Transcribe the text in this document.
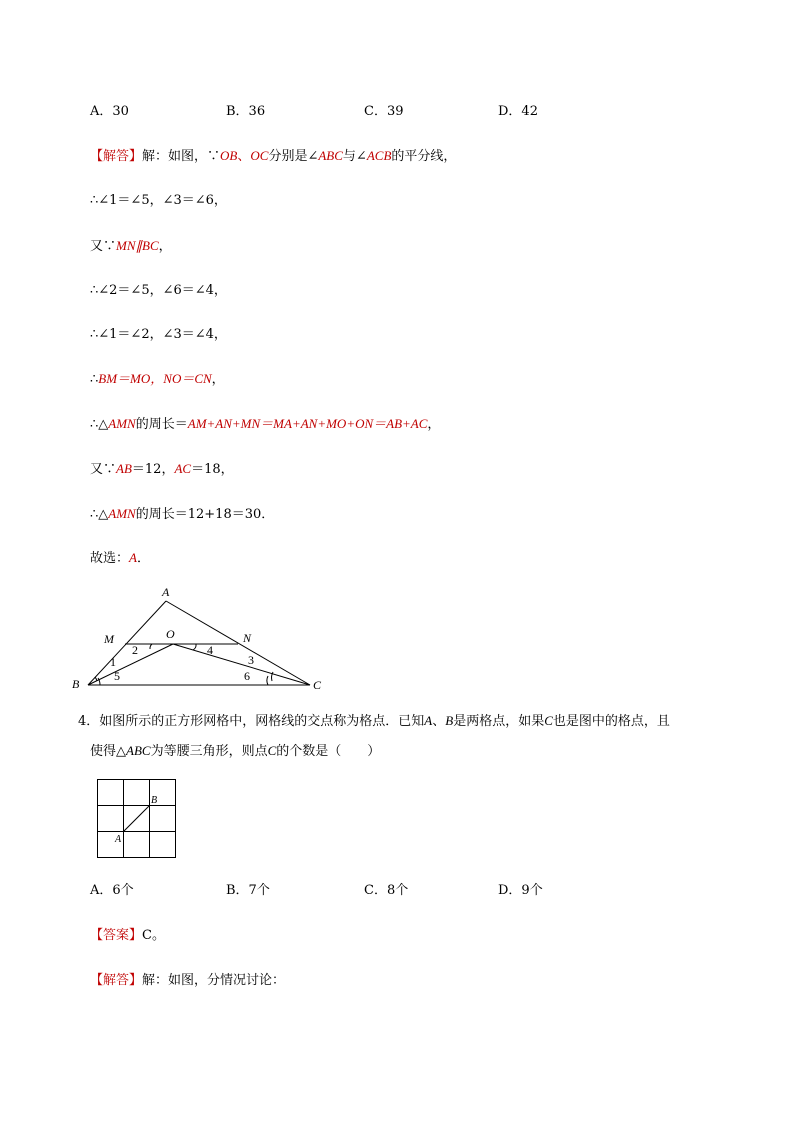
A．30	B．36	C．39	D．42
【解答】解：如图，∵OB、OC分别是∠ABC与∠ACB的平分线，
∴∠1＝∠5，∠3＝∠6，
又∵MN∥BC，
∴∠2＝∠5，∠6＝∠4，
∴∠1＝∠2，∠3＝∠4，
∴BM＝MO，NO＝CN，
∴△AMN的周长＝AM+AN+MN＝MA+AN+MO+ON＝AB+AC，
又∵AB＝12，AC＝18，
∴△AMN的周长＝12+18＝30．
故选：A．
A
M	O	N
B	C
1
2
3
4
5	6
4．如图所示的正方形网格中，网格线的交点称为格点．已知A、B是两格点，如果C也是图中的格点，且
使得△ABC为等腰三角形，则点C的个数是（　　）
B
A
A．6个	B．7个	C．8个	D．9个
【答案】C。
【解答】解：如图，分情况讨论：
